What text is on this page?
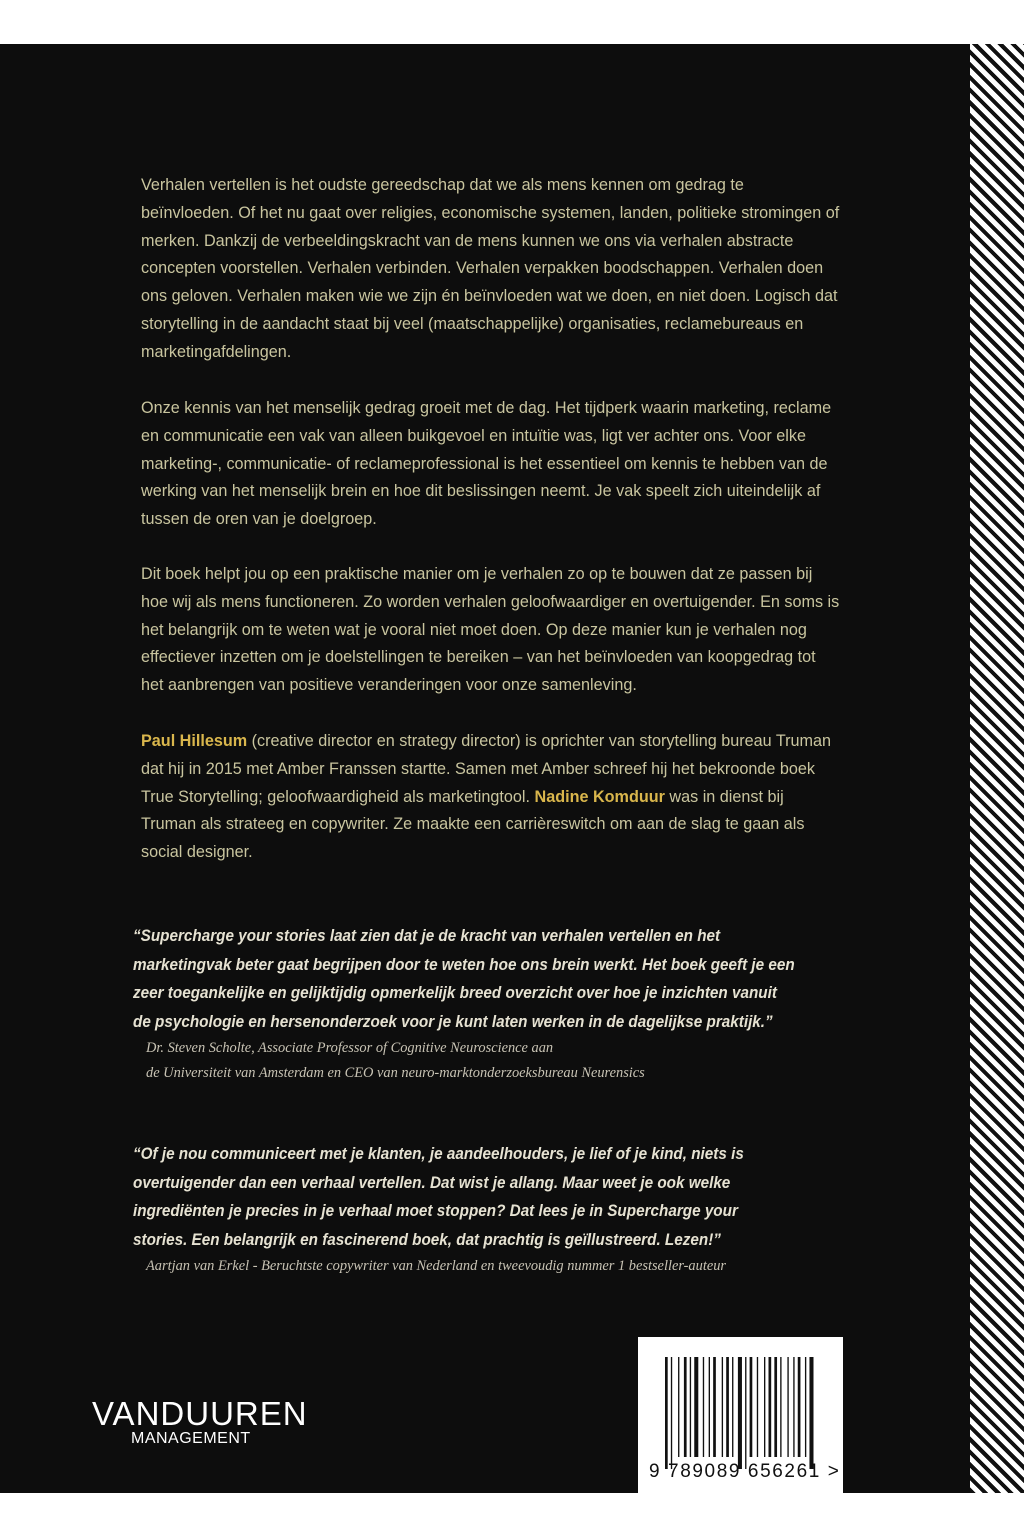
Verhalen vertellen is het oudste gereedschap dat we als mens kennen om gedrag te beïnvloeden. Of het nu gaat over religies, economische systemen, landen, politieke stromingen of merken. Dankzij de verbeeldingskracht van de mens kunnen we ons via verhalen abstracte concepten voorstellen. Verhalen verbinden. Verhalen verpakken boodschappen. Verhalen doen ons geloven. Verhalen maken wie we zijn én beïnvloeden wat we doen, en niet doen. Logisch dat storytelling in de aandacht staat bij veel (maatschappelijke) organisaties, reclamebureaus en marketingafdelingen.

Onze kennis van het menselijk gedrag groeit met de dag. Het tijdperk waarin marketing, reclame en communicatie een vak van alleen buikgevoel en intuïtie was, ligt ver achter ons. Voor elke marketing-, communicatie- of reclameprofessional is het essentieel om kennis te hebben van de werking van het menselijk brein en hoe dit beslissingen neemt. Je vak speelt zich uiteindelijk af tussen de oren van je doelgroep.

Dit boek helpt jou op een praktische manier om je verhalen zo op te bouwen dat ze passen bij hoe wij als mens functioneren. Zo worden verhalen geloofwaardiger en overtuigender. En soms is het belangrijk om te weten wat je vooral niet moet doen. Op deze manier kun je verhalen nog effectiever inzetten om je doelstellingen te bereiken – van het beïnvloeden van koopgedrag tot het aanbrengen van positieve veranderingen voor onze samenleving.

Paul Hillesum (creative director en strategy director) is oprichter van storytelling bureau Truman dat hij in 2015 met Amber Franssen startte. Samen met Amber schreef hij het bekroonde boek True Storytelling; geloofwaardigheid als marketingtool. Nadine Komduur was in dienst bij Truman als strateeg en copywriter. Ze maakte een carrièreswitch om aan de slag te gaan als social designer.

“Supercharge your stories laat zien dat je de kracht van verhalen vertellen en het marketingvak beter gaat begrijpen door te weten hoe ons brein werkt. Het boek geeft je een zeer toegankelijke en gelijktijdig opmerkelijk breed overzicht over hoe je inzichten vanuit de psychologie en hersenonderzoek voor je kunt laten werken in de dagelijkse praktijk.”
Dr. Steven Scholte, Associate Professor of Cognitive Neuroscience aan
de Universiteit van Amsterdam en CEO van neuro-marktonderzoeksbureau Neurensics
“Of je nou communiceert met je klanten, je aandeelhouders, je lief of je kind, niets is overtuigender dan een verhaal vertellen. Dat wist je allang. Maar weet je ook welke ingrediënten je precies in je verhaal moet stoppen? Dat lees je in Supercharge your stories. Een belangrijk en fascinerend boek, dat prachtig is geïllustreerd. Lezen!”
Aartjan van Erkel - Beruchtste copywriter van Nederland en tweevoudig nummer 1 bestseller-auteur
VANDUUREN
MANAGEMENT
9 789089 656261 >
